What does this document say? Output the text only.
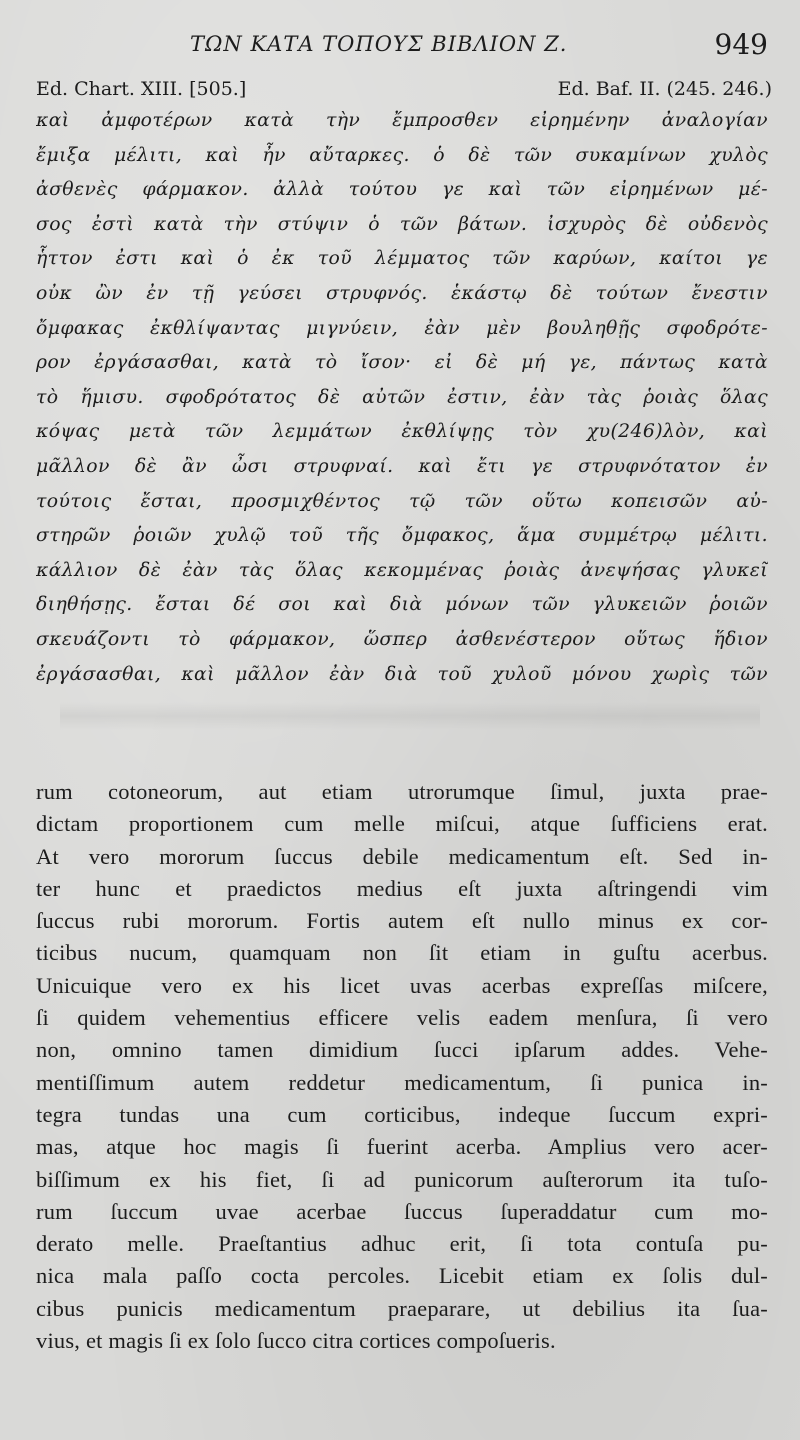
ΤΩΝ ΚΑΤΑ ΤΟΠΟΥΣ ΒΙΒΛΙΟΝ Ζ.	949
Ed. Chart. XIII. [505.]	Ed. Baf. II. (245. 246.)
καὶ ἀμφοτέρων κατὰ τὴν ἔμπροσθεν εἰρημένην ἀναλογίαν
ἔμιξα μέλιτι, καὶ ἦν αὔταρκες. ὁ δὲ τῶν συκαμίνων χυλὸς
ἀσθενὲς φάρμακον. ἀλλὰ τούτου γε καὶ τῶν εἰρημένων μέ-
σος ἐστὶ κατὰ τὴν στύψιν ὁ τῶν βάτων. ἰσχυρὸς δὲ οὐδενὸς
ἧττον ἐστι καὶ ὁ ἐκ τοῦ λέμματος τῶν καρύων, καίτοι γε
οὐκ ὢν ἐν τῇ γεύσει στρυφνός. ἑκάστῳ δὲ τούτων ἔνεστιν
ὄμφακας ἐκθλίψαντας μιγνύειν, ἐὰν μὲν βουληθῇς σφοδρότε-
ρον ἐργάσασθαι, κατὰ τὸ ἴσον· εἰ δὲ μή γε, πάντως κατὰ
τὸ ἥμισυ. σφοδρότατος δὲ αὐτῶν ἐστιν, ἐὰν τὰς ῥοιὰς ὅλας
κόψας μετὰ τῶν λεμμάτων ἐκθλίψῃς τὸν χυ(246)λὸν, καὶ
μᾶλλον δὲ ἂν ὦσι στρυφναί. καὶ ἔτι γε στρυφνότατον ἐν
τούτοις ἔσται, προσμιχθέντος τῷ τῶν οὕτω κοπεισῶν αὐ-
στηρῶν ῥοιῶν χυλῷ τοῦ τῆς ὄμφακος, ἅμα συμμέτρῳ μέλιτι.
κάλλιον δὲ ἐὰν τὰς ὅλας κεκομμένας ῥοιὰς ἀνεψήσας γλυκεῖ
διηθήσῃς. ἔσται δέ σοι καὶ διὰ μόνων τῶν γλυκειῶν ῥοιῶν
σκευάζοντι τὸ φάρμακον, ὥσπερ ἀσθενέστερον οὕτως ἥδιον
ἐργάσασθαι, καὶ μᾶλλον ἐὰν διὰ τοῦ χυλοῦ μόνου χωρὶς τῶν
rum cotoneorum, aut etiam utrorumque ſimul, juxta prae-
dictam proportionem cum melle miſcui, atque ſufficiens erat.
At vero mororum ſuccus debile medicamentum eſt. Sed in-
ter hunc et praedictos medius eſt juxta aſtringendi vim
ſuccus rubi mororum. Fortis autem eſt nullo minus ex cor-
ticibus nucum, quamquam non ſit etiam in guſtu acerbus.
Unicuique vero ex his licet uvas acerbas expreſſas miſcere,
ſi quidem vehementius efficere velis eadem menſura, ſi vero
non, omnino tamen dimidium ſucci ipſarum addes. Vehe-
mentiſſimum autem reddetur medicamentum, ſi punica in-
tegra tundas una cum corticibus, indeque ſuccum expri-
mas, atque hoc magis ſi fuerint acerba. Amplius vero acer-
biſſimum ex his fiet, ſi ad punicorum auſterorum ita tuſo-
rum ſuccum uvae acerbae ſuccus ſuperaddatur cum mo-
derato melle. Praeſtantius adhuc erit, ſi tota contuſa pu-
nica mala paſſo cocta percoles. Licebit etiam ex ſolis dul-
cibus punicis medicamentum praeparare, ut debilius ita ſua-
vius, et magis ſi ex ſolo ſucco citra cortices compoſueris.
